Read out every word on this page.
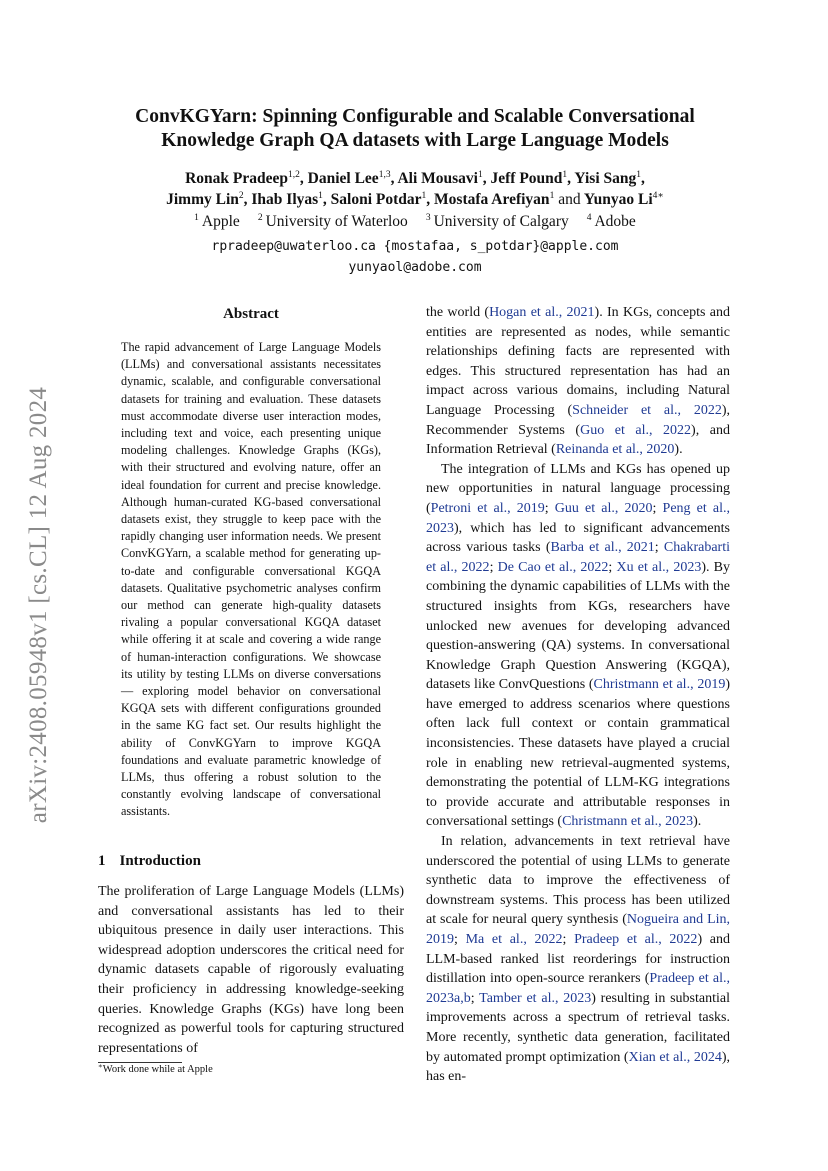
arXiv:2408.05948v1 [cs.CL] 12 Aug 2024
ConvKGYarn: Spinning Configurable and Scalable Conversational
Knowledge Graph QA datasets with Large Language Models
Ronak Pradeep$^{1,2}$, Daniel Lee$^{1,3}$, Ali Mousavi$^1$, Jeff Pound$^1$, Yisi Sang$^1$,
Jimmy Lin$^2$, Ihab Ilyas$^1$, Saloni Potdar$^1$, Mostafa Arefiyan$^1$ and Yunyao $Li^{4∗}$
$^1$ Apple $^2$ University of Waterloo $^3$ University of Calgary $^4$ Adobe
rpradeep@uwaterloo.ca {mostafaa, s_potdar}@apple.com
yunyaol@adobe.com
Abstract
The rapid advancement of Large Language Models (LLMs) and conversational assistants necessitates dynamic, scalable, and configurable conversational datasets for training and evaluation. These datasets must accommodate diverse user interaction modes, including text and voice, each presenting unique modeling challenges. Knowledge Graphs (KGs), with their structured and evolving nature, offer an ideal foundation for current and precise knowledge. Although human-curated KG-based conversational datasets exist, they struggle to keep pace with the rapidly changing user information needs. We present ConvKGYarn, a scalable method for generating up-to-date and configurable conversational KGQA datasets. Qualitative psychometric analyses confirm our method can generate high-quality datasets rivaling a popular conversational KGQA dataset while offering it at scale and covering a wide range of human-interaction configurations. We showcase its utility by testing LLMs on diverse conversations — exploring model behavior on conversational KGQA sets with different configurations grounded in the same KG fact set. Our results highlight the ability of ConvKGYarn to improve KGQA foundations and evaluate parametric knowledge of LLMs, thus offering a robust solution to the constantly evolving landscape of conversational assistants.
1 Introduction
The proliferation of Large Language Models (LLMs) and conversational assistants has led to their ubiquitous presence in daily user interactions. This widespread adoption underscores the critical need for dynamic datasets capable of rigorously evaluating their proficiency in addressing knowledge-seeking queries. Knowledge Graphs (KGs) have long been recognized as powerful tools for capturing structured representations of
∗Work done while at Apple

the world (Hogan et al., 2021). In KGs, concepts and entities are represented as nodes, while semantic relationships defining facts are represented with edges. This structured representation has had an impact across various domains, including Natural Language Processing (Schneider et al., 2022), Recommender Systems (Guo et al., 2022), and Information Retrieval (Reinanda et al., 2020).

The integration of LLMs and KGs has opened up new opportunities in natural language processing (Petroni et al., 2019; Guu et al., 2020; Peng et al., 2023), which has led to significant advancements across various tasks (Barba et al., 2021; Chakrabarti et al., 2022; De Cao et al., 2022; Xu et al., 2023). By combining the dynamic capabilities of LLMs with the structured insights from KGs, researchers have unlocked new avenues for developing advanced question-answering (QA) systems. In conversational Knowledge Graph Question Answering (KGQA), datasets like ConvQuestions (Christmann et al., 2019) have emerged to address scenarios where questions often lack full context or contain grammatical inconsistencies. These datasets have played a crucial role in enabling new retrieval-augmented systems, demonstrating the potential of LLM-KG integrations to provide accurate and attributable responses in conversational settings (Christmann et al., 2023).

In relation, advancements in text retrieval have underscored the potential of using LLMs to generate synthetic data to improve the effectiveness of downstream systems. This process has been utilized at scale for neural query synthesis (Nogueira and Lin, 2019; Ma et al., 2022; Pradeep et al., 2022) and LLM-based ranked list reorderings for instruction distillation into open-source rerankers (Pradeep et al., 2023a,b; Tamber et al., 2023) resulting in substantial improvements across a spectrum of retrieval tasks. More recently, synthetic data generation, facilitated by automated prompt optimization (Xian et al., 2024), has en-
